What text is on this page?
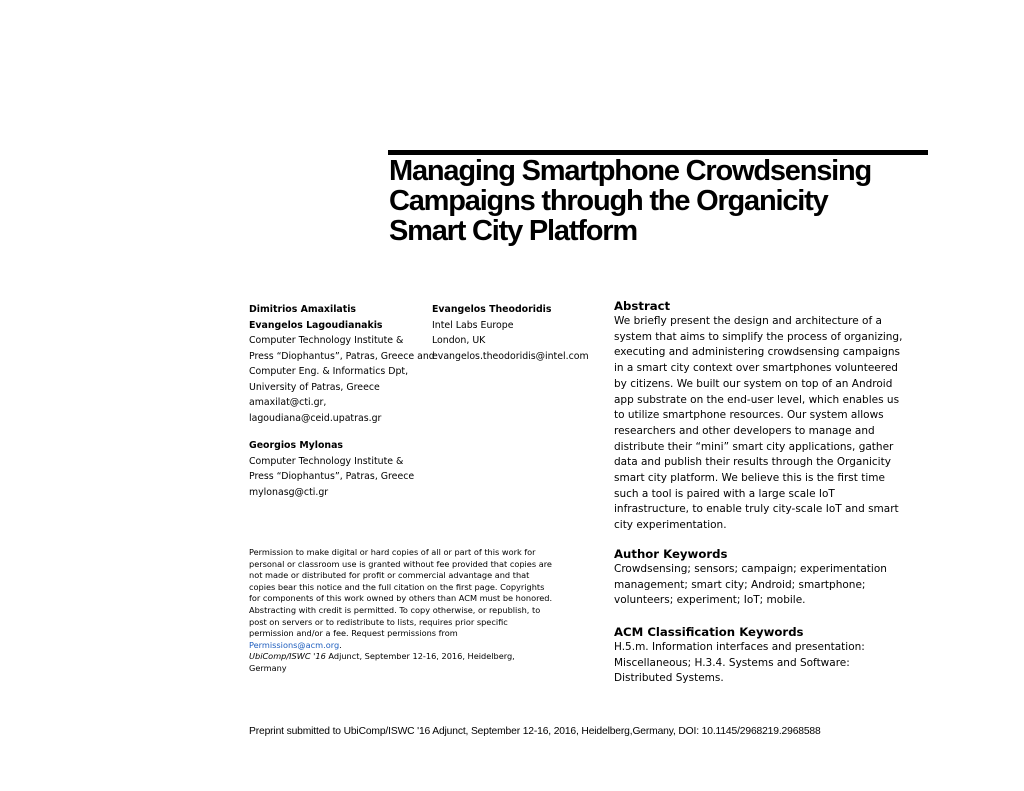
Managing Smartphone Crowdsensing
Campaigns through the Organicity
Smart City Platform
Dimitrios Amaxilatis
Evangelos Lagoudianakis
Computer Technology Institute &
Press “Diophantus”, Patras, Greece and
Computer Eng. & Informatics Dpt,
University of Patras, Greece
amaxilat@cti.gr,
lagoudiana@ceid.upatras.gr
Georgios Mylonas
Computer Technology Institute &
Press “Diophantus”, Patras, Greece
mylonasg@cti.gr
Evangelos Theodoridis
Intel Labs Europe
London, UK
evangelos.theodoridis@intel.com
Permission to make digital or hard copies of all or part of this work for
personal or classroom use is granted without fee provided that copies are
not made or distributed for profit or commercial advantage and that
copies bear this notice and the full citation on the first page. Copyrights
for components of this work owned by others than ACM must be honored.
Abstracting with credit is permitted. To copy otherwise, or republish, to
post on servers or to redistribute to lists, requires prior specific
permission and/or a fee. Request permissions from
Permissions@acm.org.
UbiComp/ISWC '16 Adjunct, September 12-16, 2016, Heidelberg,
Germany
Abstract
We briefly present the design and architecture of a
system that aims to simplify the process of organizing,
executing and administering crowdsensing campaigns
in a smart city context over smartphones volunteered
by citizens. We built our system on top of an Android
app substrate on the end-user level, which enables us
to utilize smartphone resources. Our system allows
researchers and other developers to manage and
distribute their “mini” smart city applications, gather
data and publish their results through the Organicity
smart city platform. We believe this is the first time
such a tool is paired with a large scale IoT
infrastructure, to enable truly city-scale IoT and smart
city experimentation.
Author Keywords
Crowdsensing; sensors; campaign; experimentation
management; smart city; Android; smartphone;
volunteers; experiment; IoT; mobile.
ACM Classification Keywords
H.5.m. Information interfaces and presentation:
Miscellaneous; H.3.4. Systems and Software:
Distributed Systems.
Preprint submitted to UbiComp/ISWC '16 Adjunct, September 12-16, 2016, Heidelberg,Germany, DOI: 10.1145/2968219.2968588
